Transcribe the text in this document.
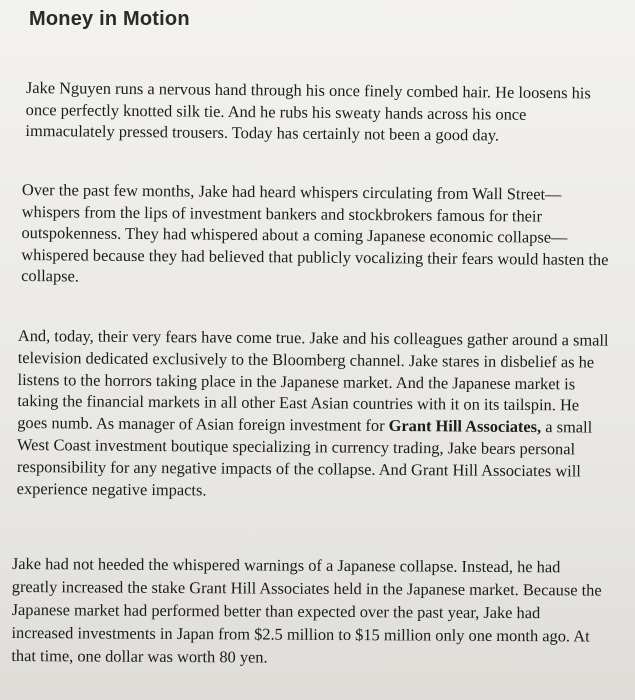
Money in Motion

Jake Nguyen runs a nervous hand through his once finely combed hair. He loosens his
once perfectly knotted silk tie. And he rubs his sweaty hands across his once
immaculately pressed trousers. Today has certainly not been a good day.

Over the past few months, Jake had heard whispers circulating from Wall Street—
whispers from the lips of investment bankers and stockbrokers famous for their
outspokenness. They had whispered about a coming Japanese economic collapse—
whispered because they had believed that publicly vocalizing their fears would hasten the
collapse.

And, today, their very fears have come true. Jake and his colleagues gather around a small
television dedicated exclusively to the Bloomberg channel. Jake stares in disbelief as he
listens to the horrors taking place in the Japanese market. And the Japanese market is
taking the financial markets in all other East Asian countries with it on its tailspin. He
goes numb. As manager of Asian foreign investment for Grant Hill Associates, a small
West Coast investment boutique specializing in currency trading, Jake bears personal
responsibility for any negative impacts of the collapse. And Grant Hill Associates will
experience negative impacts.

Jake had not heeded the whispered warnings of a Japanese collapse. Instead, he had
greatly increased the stake Grant Hill Associates held in the Japanese market. Because the
Japanese market had performed better than expected over the past year, Jake had
increased investments in Japan from $2.5 million to $15 million only one month ago. At
that time, one dollar was worth 80 yen.
